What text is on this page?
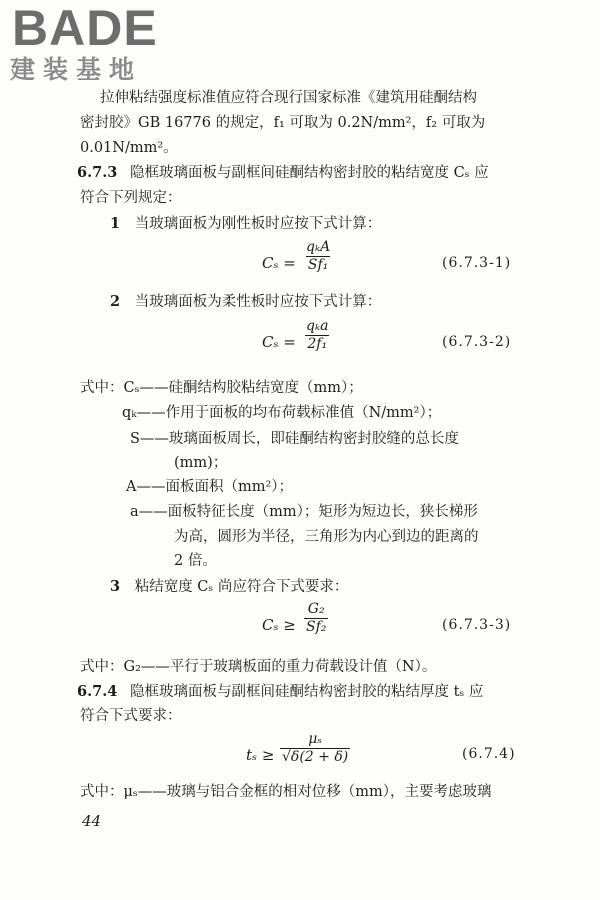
BADE
建装基地
拉伸粘结强度标准值应符合现行国家标准《建筑用硅酮结构
密封胶》GB 16776 的规定，f₁ 可取为 0.2N/mm²，f₂ 可取为
0.01N/mm²。
6.7.3 隐框玻璃面板与副框间硅酮结构密封胶的粘结宽度 Cₛ 应
符合下列规定：
1 当玻璃面板为刚性板时应按下式计算：
Cₛ =
qₖA
Sf₁	(6.7.3-1)
2 当玻璃面板为柔性板时应按下式计算：
Cₛ =
qₖa
2f₁	(6.7.3-2)
式中：Cₛ——硅酮结构胶粘结宽度（mm）；
qₖ——作用于面板的均布荷载标准值（N/mm²）；
S——玻璃面板周长，即硅酮结构密封胶缝的总长度
(mm)；
A——面板面积（mm²）；
a——面板特征长度（mm）；矩形为短边长，狭长梯形
为高，圆形为半径，三角形为内心到边的距离的
2 倍。
3 粘结宽度 Cₛ 尚应符合下式要求：
$C_s \ge \frac{\text{G₂}}{\text{Sf₂}}$	(6.7.3-3)
式中：G₂——平行于玻璃板面的重力荷载设计值（N）。
6.7.4 隐框玻璃面板与副框间硅酮结构密封胶的粘结厚度 tₛ 应
符合下式要求：
$t_s \ge \frac{\text{μₛ}}{√\delta(2 + \delta)}$	(6.7.4)
式中：μₛ——玻璃与铝合金框的相对位移（mm），主要考虑玻璃
44
